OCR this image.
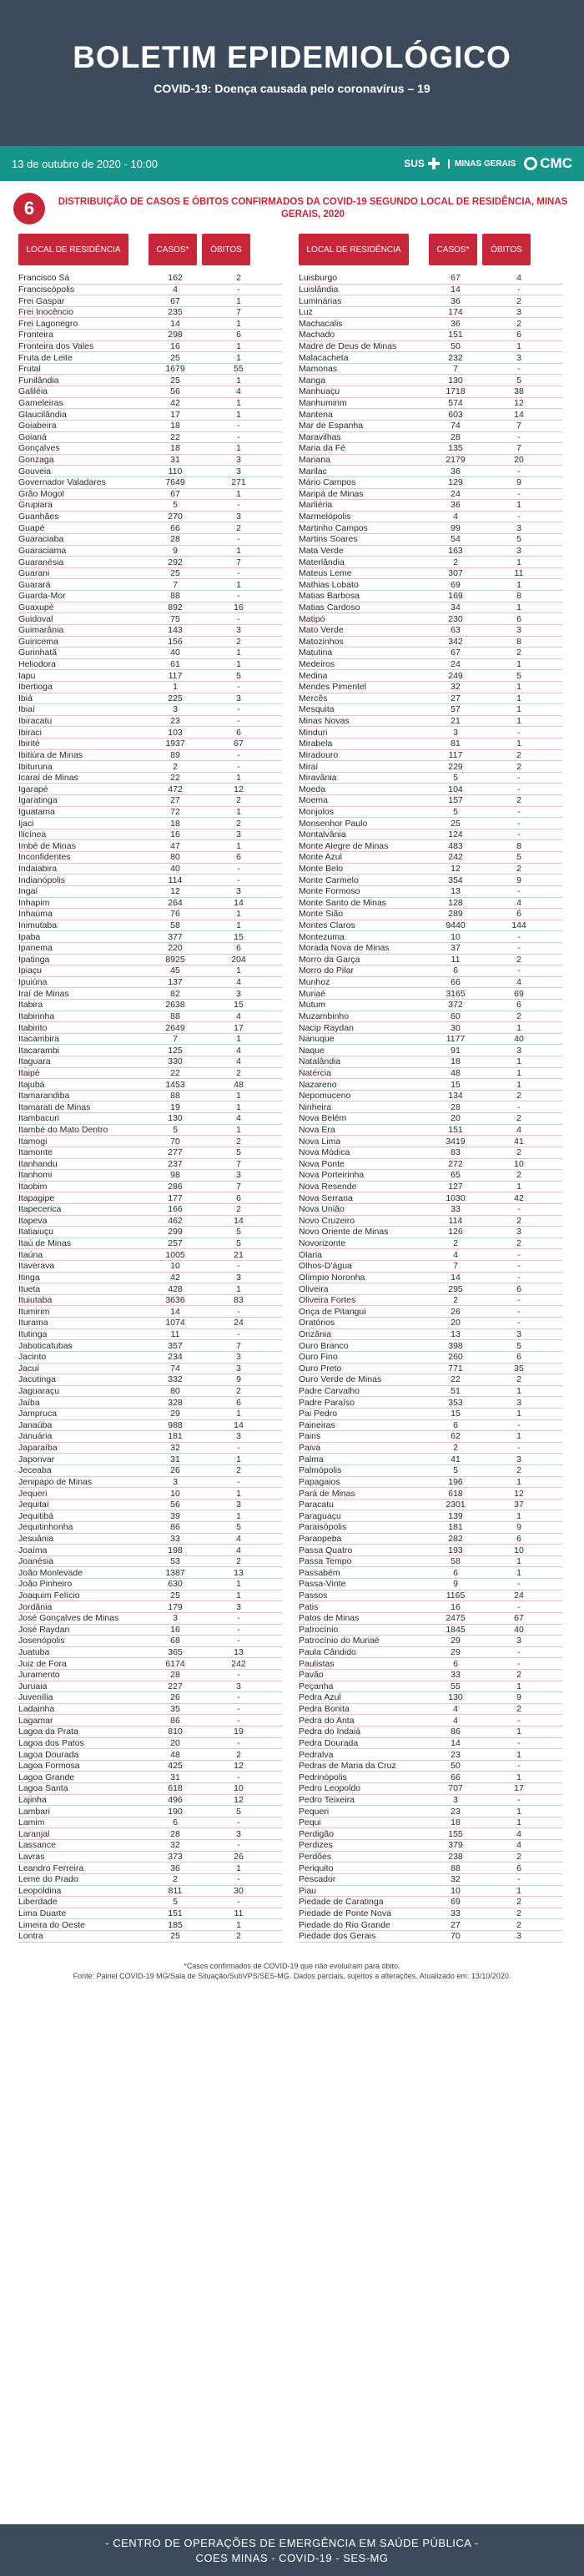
BOLETIM EPIDEMIOLÓGICO
COVID-19: Doença causada pelo coronavírus – 19
13 de outubro de 2020 - 10:00	SUS	MINAS GERAIS CMC
6	DISTRIBUIÇÃO DE CASOS E ÓBITOS CONFIRMADOS DA COVID-19 SEGUNDO LOCAL DE RESIDÊNCIA, MINAS GERAIS, 2020
LOCAL DE RESIDÊNCIA	CASOS*	ÓBITOS
Francisco Sá	162	2
Franciscópolis	4	-
Frei Gaspar	67	1
Frei Inocêncio	235	7
Frei Lagonegro	14	1
Fronteira	298	6
Fronteira dos Vales	16	1
Fruta de Leite	25	1
Frutal	1679	55
Funilândia	25	1
Galiléia	56	4
Gameleiras	42	1
Glaucilândia	17	1
Goiabeira	18	-
Goianá	22	-
Gonçalves	18	1
Gonzaga	31	3
Gouveia	110	3
Governador Valadares	7649	271
Grão Mogol	67	1
Grupiara	5	-
Guanhães	270	3
Guapé	66	2
Guaraciaba	28	-
Guaraciama	9	1
Guaranésia	292	7
Guarani	25	-
Guarará	7	1
Guarda-Mor	88	-
Guaxupé	892	16
Guidoval	75	-
Guimarânia	143	3
Guiricema	156	2
Gurinhatã	40	1
Heliodora	61	1
Iapu	117	5
Ibertioga	1	-
Ibiá	225	3
Ibiaí	3	-
Ibiracatu	23	-
Ibiraci	103	6
Ibirité	1937	67
Ibitiúra de Minas	89	-
Ibituruna	2	-
Icaraí de Minas	22	1
Igarapé	472	12
Igaratinga	27	2
Iguatama	72	1
Ijaci	18	2
Ilicínea	16	3
Imbé de Minas	47	1
Inconfidentes	80	6
Indaiabira	40	-
Indianópolis	114	-
Ingaí	12	3
Inhapim	264	14
Inhaúma	76	1
Inimutaba	58	1
Ipaba	377	15
Ipanema	220	6
Ipatinga	8925	204
Ipiaçu	45	1
Ipuiúna	137	4
Iraí de Minas	82	3
Itabira	2638	15
Itabirinha	88	4
Itabirito	2649	17
Itacambira	7	1
Itacarambi	125	4
Itaguara	330	4
Itaipé	22	2
Itajubá	1453	48
Itamarandiba	88	1
Itamarati de Minas	19	1
Itambacuri	130	4
Itambé do Mato Dentro	5	1
Itamogi	70	2
Itamonte	277	5
Itanhandu	237	7
Itanhomi	98	3
Itaobim	286	7
Itapagipe	177	6
Itapecerica	166	2
Itapeva	462	14
Itatiaiuçu	299	5
Itaú de Minas	257	5
Itaúna	1005	21
Itaverava	10	-
Itinga	42	3
Itueta	428	1
Ituiutaba	3636	83
Itumirim	14	-
Iturama	1074	24
Itutinga	11	-
Jaboticatubas	357	7
Jacinto	234	3
Jacuí	74	3
Jacutinga	332	9
Jaguaraçu	80	2
Jaíba	328	6
Jampruca	29	1
Janaúba	988	14
Januária	181	3
Japaraíba	32	-
Japonvar	31	1
Jeceaba	26	2
Jenipapo de Minas	3	-
Jequeri	10	1
Jequitaí	56	3
Jequitibá	39	1
Jequitinhonha	86	5
Jesuânia	33	4
Joaíma	198	4
Joanésia	53	2
João Monlevade	1387	13
João Pinheiro	630	1
Joaquim Felício	25	1
Jordânia	179	3
José Gonçalves de Minas	3	-
José Raydan	16	-
Josenópolis	68	-
Juatuba	365	13
Juiz de Fora	6174	242
Juramento	28	-
Juruaia	227	3
Juvenília	26	-
Ladainha	35	-
Lagamar	86	-
Lagoa da Prata	810	19
Lagoa dos Patos	20	-
Lagoa Dourada	48	2
Lagoa Formosa	425	12
Lagoa Grande	31	-
Lagoa Santa	618	10
Lajinha	496	12
Lambari	190	5
Lamim	6	-
Laranjal	28	3
Lassance	32	-
Lavras	373	26
Leandro Ferreira	36	1
Leme do Prado	2	-
Leopoldina	811	30
Liberdade	5	-
Lima Duarte	151	11
Limeira do Oeste	185	1
Lontra	25	2
LOCAL DE RESIDÊNCIA	CASOS*	ÓBITOS
Luisburgo	67	4
Luislândia	14	-
Luminárias	36	2
Luz	174	3
Machacalis	36	2
Machado	151	6
Madre de Deus de Minas	50	1
Malacacheta	232	3
Mamonas	7	-
Manga	130	5
Manhuaçu	1718	38
Manhumirim	574	12
Mantena	603	14
Mar de Espanha	74	7
Maravilhas	28	-
Maria da Fé	135	7
Mariana	2179	20
Marilac	36	-
Mário Campos	129	9
Maripá de Minas	24	-
Marliéria	36	1
Marmelópolis	4	-
Martinho Campos	99	3
Martins Soares	54	5
Mata Verde	163	3
Materlândia	2	1
Mateus Leme	307	11
Mathias Lobato	69	1
Matias Barbosa	169	8
Matias Cardoso	34	1
Matipó	230	6
Mato Verde	63	3
Matozinhos	342	8
Matutina	67	2
Medeiros	24	1
Medina	249	5
Mendes Pimentel	32	1
Mercês	27	1
Mesquita	57	1
Minas Novas	21	1
Minduri	3	-
Mirabela	81	1
Miradouro	117	2
Miraí	229	2
Miravânia	5	-
Moeda	104	-
Moema	157	2
Monjolos	5	-
Monsenhor Paulo	25	-
Montalvânia	124	-
Monte Alegre de Minas	483	8
Monte Azul	242	5
Monte Belo	12	2
Monte Carmelo	354	9
Monte Formoso	13	-
Monte Santo de Minas	128	4
Monte Sião	289	6
Montes Claros	9440	144
Montezuma	10	-
Morada Nova de Minas	37	-
Morro da Garça	11	2
Morro do Pilar	6	-
Munhoz	66	4
Muriaé	3165	69
Mutum	372	6
Muzambinho	60	2
Nacip Raydan	30	1
Nanuque	1177	40
Naque	91	3
Natalândia	18	1
Natércia	48	1
Nazareno	15	1
Nepomuceno	134	2
Ninheira	28	-
Nova Belém	20	2
Nova Era	151	4
Nova Lima	3419	41
Nova Módica	83	2
Nova Ponte	272	10
Nova Porteirinha	65	2
Nova Resende	127	1
Nova Serrana	1030	42
Nova União	33	-
Novo Cruzeiro	114	2
Novo Oriente de Minas	126	3
Novorizonte	2	2
Olaria	4	-
Olhos-D'água	7	-
Olímpio Noronha	14	-
Oliveira	295	6
Oliveira Fortes	2	-
Onça de Pitangui	26	-
Oratórios	20	-
Orizânia	13	3
Ouro Branco	398	5
Ouro Fino	260	6
Ouro Preto	771	35
Ouro Verde de Minas	22	2
Padre Carvalho	51	1
Padre Paraíso	353	3
Pai Pedro	15	1
Paineiras	6	-
Pains	62	1
Paiva	2	-
Palma	41	3
Palmópolis	5	2
Papagaios	196	1
Pará de Minas	618	12
Paracatu	2301	37
Paraguaçu	139	1
Paraisópolis	181	9
Paraopeba	282	6
Passa Quatro	193	10
Passa Tempo	58	1
Passabém	6	1
Passa-Vinte	9	-
Passos	1165	24
Patis	16	-
Patos de Minas	2475	67
Patrocínio	1845	40
Patrocínio do Muriaé	29	3
Paula Cândido	29	-
Paulistas	6	-
Pavão	33	2
Peçanha	55	1
Pedra Azul	130	9
Pedra Bonita	4	2
Pedra do Anta	4	-
Pedra do Indaiá	86	1
Pedra Dourada	14	-
Pedralva	23	1
Pedras de Maria da Cruz	50	-
Pedrinópolis	66	1
Pedro Leopoldo	707	17
Pedro Teixeira	3	-
Pequeri	23	1
Pequi	18	1
Perdigão	155	4
Perdizes	379	4
Perdões	238	2
Periquito	88	6
Pescador	32	-
Piau	10	1
Piedade de Caratinga	69	2
Piedade de Ponte Nova	33	2
Piedade do Rio Grande	27	2
Piedade dos Gerais	70	3
*Casos confirmados de COVID-19 que não evoluíram para óbito.
Fonte: Painel COVID-19 MG/Sala de Situação/SubVPS/SES-MG. Dados parciais, sujeitos a alterações. Atualizado em: 13/10/2020.
- CENTRO DE OPERAÇÕES DE EMERGÊNCIA EM SAÚDE PÚBLICA -
COES MINAS - COVID-19 - SES-MG
